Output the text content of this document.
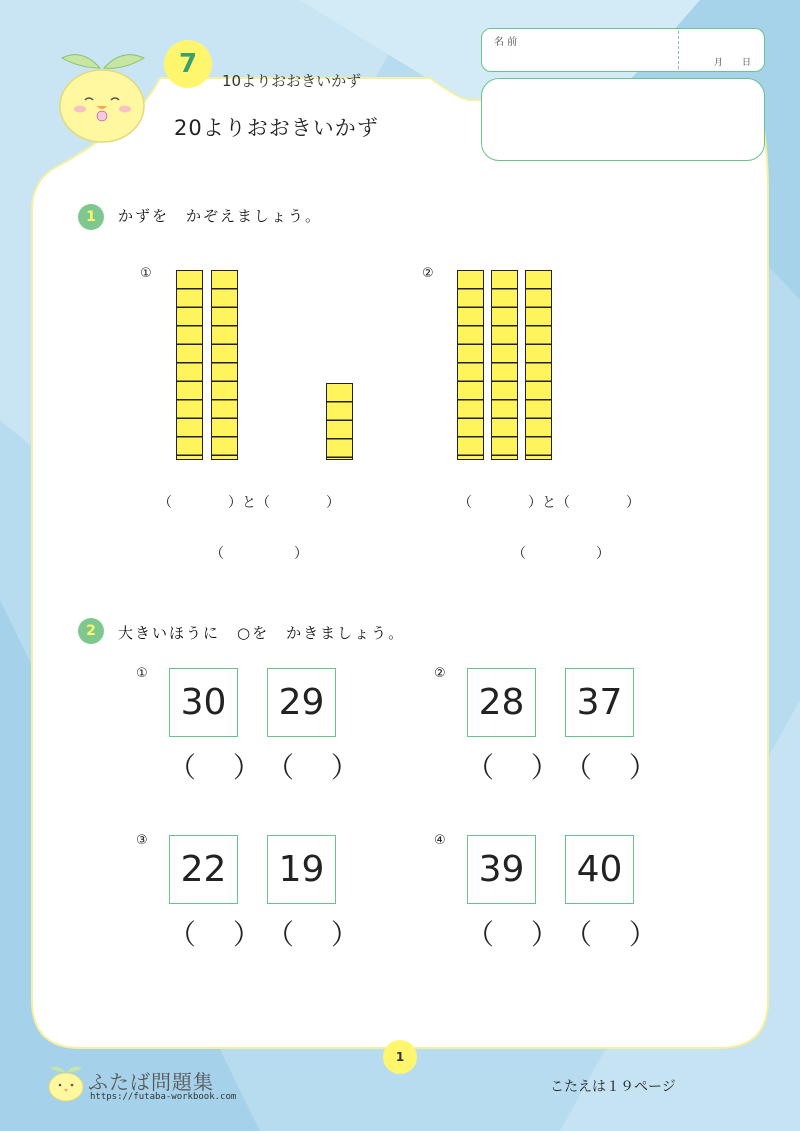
7
10よりおおきいかず
20よりおおきいかず
名 前
月 日
1	かずを　かぞえましょう。
①	②
（　　　　）と（　　　　）
（　　　　　）
（　　　　）と（　　　　）
（　　　　　）
2	大きいほうに　○を　かきましょう。
①
30	29
（　 ） （　 ）
②
28	37
（　 ） （　 ）
③
22	19
（　 ） （　 ）
④
39	40
（　 ） （　 ）
1
ふたば問題集
https://futaba-workbook.com
こたえは１９ページ
